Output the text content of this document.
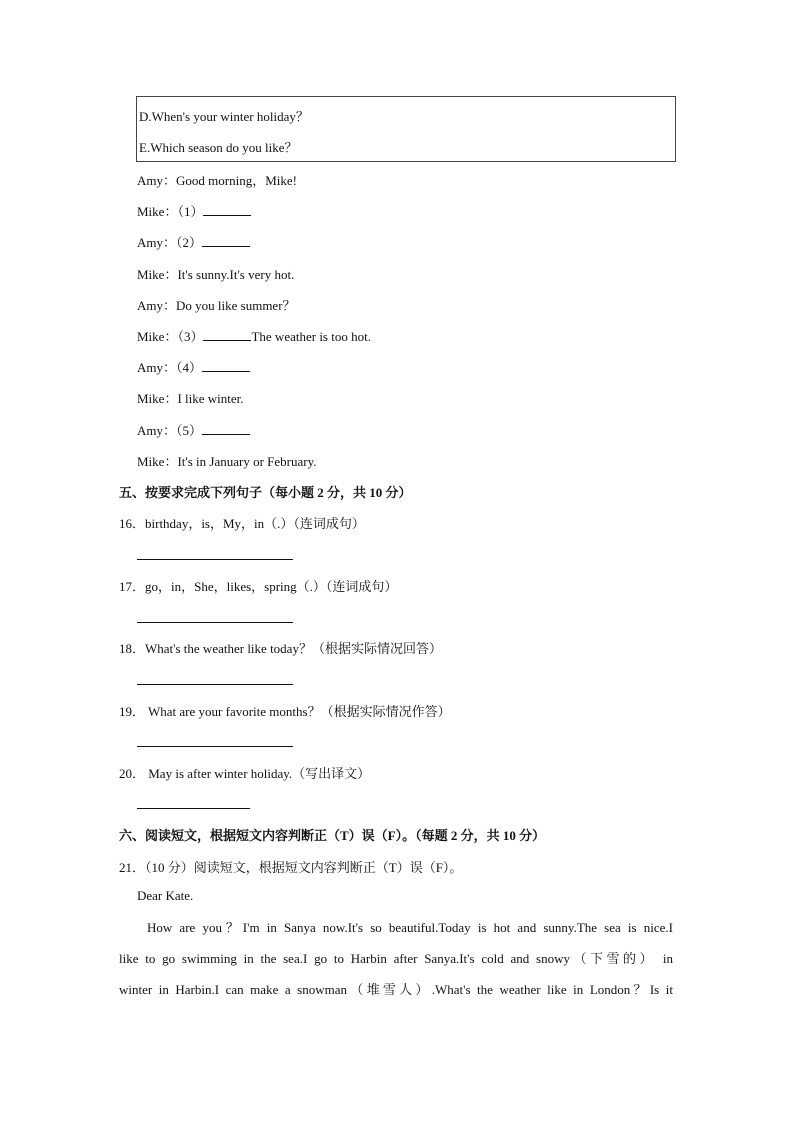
D.When's your winter holiday？
E.Which season do you like？
Amy：Good morning，Mike!
Mike：（1）
Amy：（2）
Mike：It's sunny.It's very hot.
Amy：Do you like summer？
Mike：（3）	The weather is too hot.
Amy：（4）
Mike：I like winter.
Amy：（5）
Mike：It's in January or February.
五、按要求完成下列句子（每小题 2 分，共 10 分）
16．birthday，is，My，in（.）（连词成句）
17．go，in，She，likes，spring（.）（连词成句）
18．What's the weather like today？（根据实际情况回答）
19． What are your favorite months？（根据实际情况作答）
20． May is after winter holiday.（写出译文）
六、阅读短文，根据短文内容判断正（T）误（F）。（每题 2 分，共 10 分）
21．（10 分）阅读短文，根据短文内容判断正（T）误（F）。
Dear Kate.
How are you？I'm in Sanya now.It's so beautiful.Today is hot and sunny.The sea is nice.I
like to go swimming in the sea.I go to Harbin after Sanya.It's cold and snowy（下雪的） in
winter in Harbin.I can make a snowman（堆雪人）.What's the weather like in London？Is it
